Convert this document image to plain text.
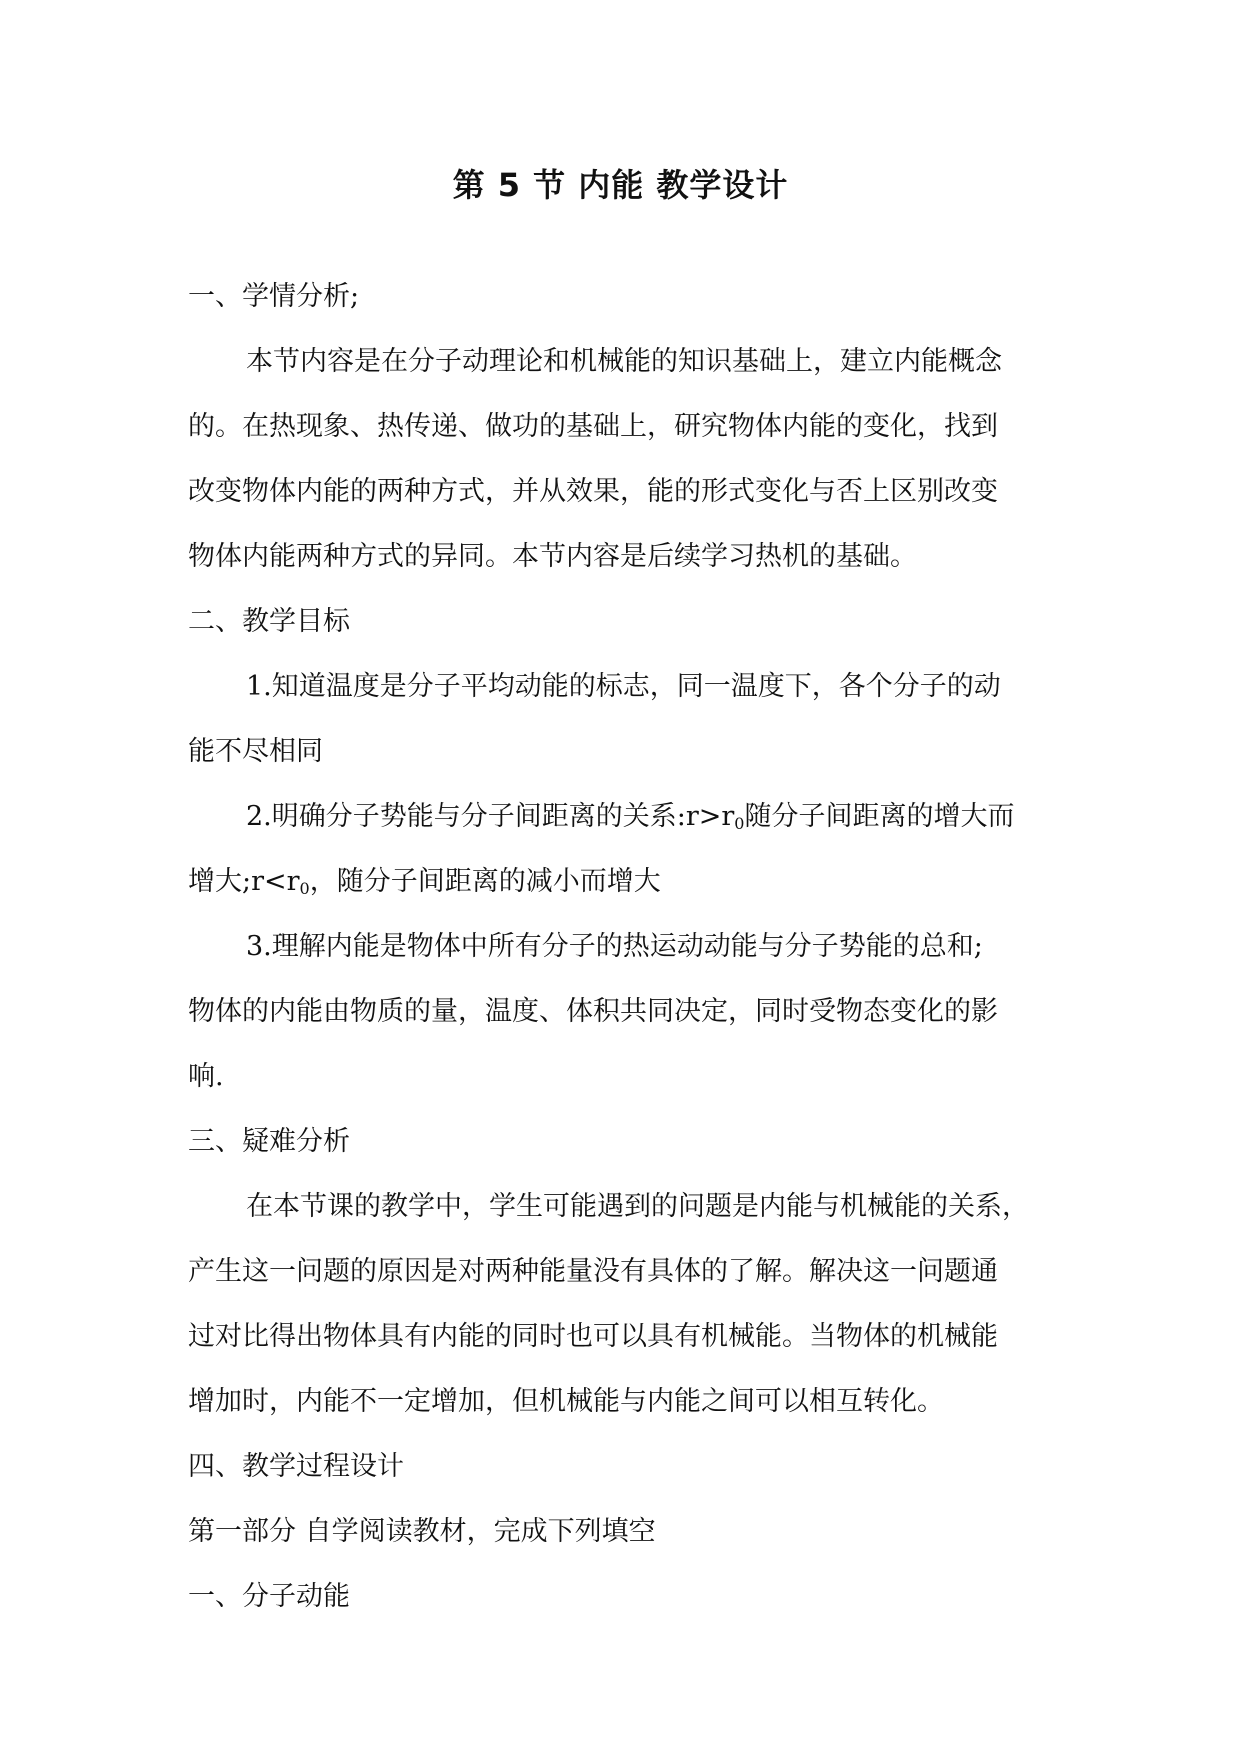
第 5 节 内能 教学设计
一、学情分析;
本节内容是在分子动理论和机械能的知识基础上，建立内能概念
的。在热现象、热传递、做功的基础上，研究物体内能的变化，找到
改变物体内能的两种方式，并从效果，能的形式变化与否上区别改变
物体内能两种方式的异同。本节内容是后续学习热机的基础。
二、教学目标
1.知道温度是分子平均动能的标志，同一温度下，各个分子的动
能不尽相同
2.明确分子势能与分子间距离的关系$:r>r_0$随分子间距离的增大而
增大$;r<r_0$，随分子间距离的减小而增大
3.理解内能是物体中所有分子的热运动动能与分子势能的总和;
物体的内能由物质的量，温度、体积共同决定，同时受物态变化的影
响.
三、疑难分析
在本节课的教学中，学生可能遇到的问题是内能与机械能的关系，
产生这一问题的原因是对两种能量没有具体的了解。解决这一问题通
过对比得出物体具有内能的同时也可以具有机械能。当物体的机械能
增加时，内能不一定增加，但机械能与内能之间可以相互转化。
四、教学过程设计
第一部分 自学阅读教材，完成下列填空
一、分子动能
